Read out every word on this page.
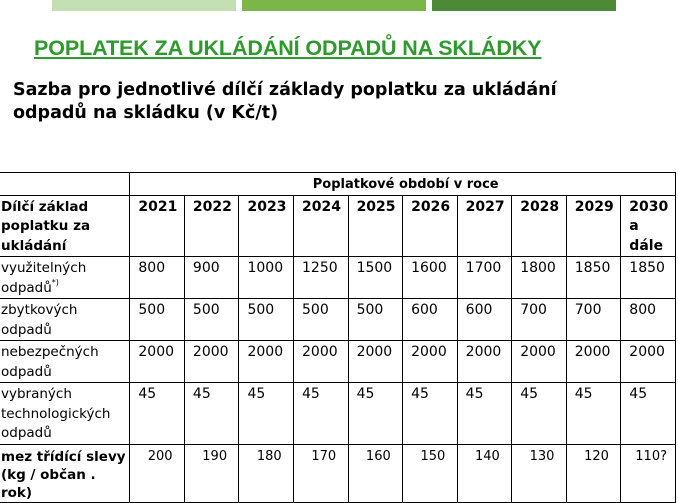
POPLATEK ZA UKLÁDÁNÍ ODPADŮ NA SKLÁDKY
Sazba pro jednotlivé dílčí základy poplatku za ukládání odpadů na skládku (v Kč/t)
	Poplatkové období v roce									
Dílčí základ poplatku za ukládání	2021	2022	2023	2024	2025	2026	2027	2028	2029	2030 a dále
využitelných odpadů*)	800	900	1000	1250	1500	1600	1700	1800	1850	1850
zbytkových odpadů	500	500	500	500	500	600	600	700	700	800
nebezpečných odpadů	2000	2000	2000	2000	2000	2000	2000	2000	2000	2000
vybraných technologických odpadů	45	45	45	45	45	45	45	45	45	45
mez třídící slevy (kg / občan . rok)	200	190	180	170	160	150	140	130	120	110?
